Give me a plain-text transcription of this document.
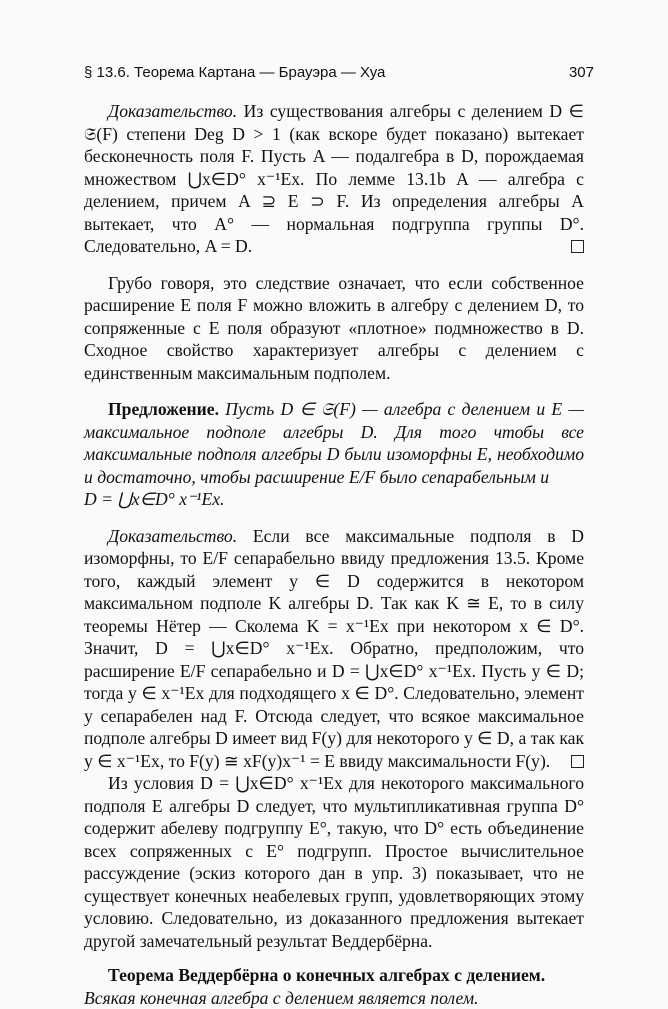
§ 13.6. Теорема Картана — Брауэра — Хуа	307

Доказательство. Из существования алгебры с делением D ∈ 𝔖(F) степени Deg D > 1 (как вскоре будет показано) вытекает бесконечность поля F. Пусть A — подалгебра в D, порождаемая множеством ⋃x∈D° x⁻¹Ex. По лемме 13.1b A — алгебра с делением, причем A ⊇ E ⊃ F. Из определения алгебры A вытекает, что A° — нормальная подгруппа группы D°. Следовательно, A = D.

Грубо говоря, это следствие означает, что если собственное расширение E поля F можно вложить в алгебру с делением D, то сопряженные с E поля образуют «плотное» подмножество в D. Сходное свойство характеризует алгебры с делением с единственным максимальным подполем.

Предложение. Пусть D ∈ 𝔖(F) — алгебра с делением и E — максимальное подполе алгебры D. Для того чтобы все максимальные подполя алгебры D были изоморфны E, необходимо и достаточно, чтобы расширение E/F было сепарабельным и

D = ⋃x∈D° x⁻¹Ex.

Доказательство. Если все максимальные подполя в D изоморфны, то E/F сепарабельно ввиду предложения 13.5. Кроме того, каждый элемент y ∈ D содержится в некотором максимальном подполе K алгебры D. Так как K ≅ E, то в силу теоремы Нётер — Сколема K = x⁻¹Ex при некотором x ∈ D°. Значит, D = ⋃x∈D° x⁻¹Ex. Обратно, предположим, что расширение E/F сепарабельно и D = ⋃x∈D° x⁻¹Ex. Пусть y ∈ D; тогда y ∈ x⁻¹Ex для подходящего x ∈ D°. Следовательно, элемент y сепарабелен над F. Отсюда следует, что всякое максимальное подполе алгебры D имеет вид F(y) для некоторого y ∈ D, а так как y ∈ x⁻¹Ex, то F(y) ≅ xF(y)x⁻¹ = E ввиду максимальности F(y).

Из условия D = ⋃x∈D° x⁻¹Ex для некоторого максимального подполя E алгебры D следует, что мультипликативная группа D° содержит абелеву подгруппу E°, такую, что D° есть объединение всех сопряженных с E° подгрупп. Простое вычислительное рассуждение (эскиз которого дан в упр. 3) показывает, что не существует конечных неабелевых групп, удовлетворяющих этому условию. Следовательно, из доказанного предложения вытекает другой замечательный результат Веддербёрна.

Теорема Веддербёрна о конечных алгебрах с делением.

Всякая конечная алгебра с делением является полем.
